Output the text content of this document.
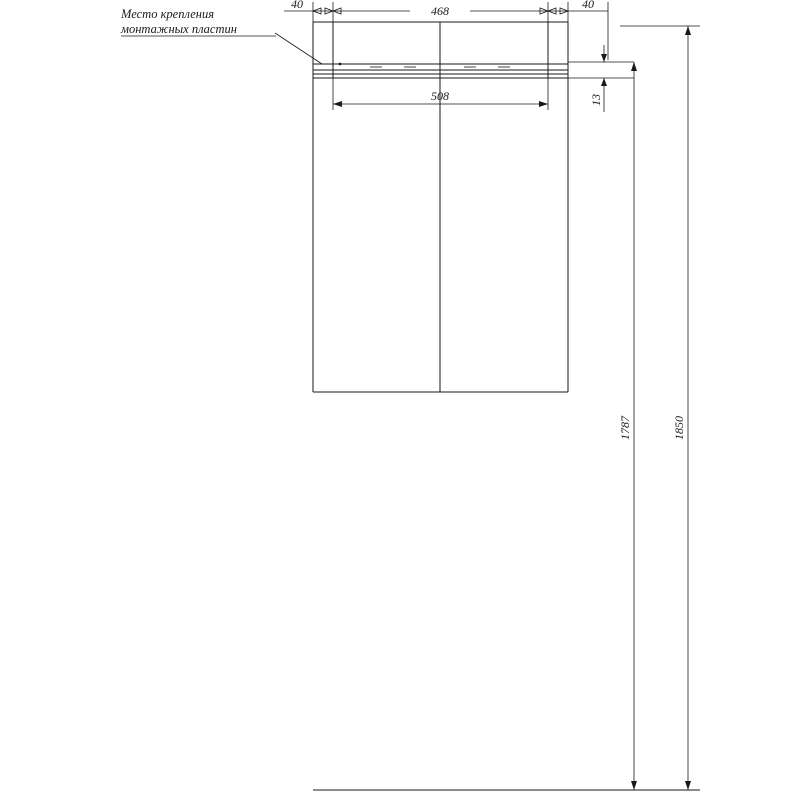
40	468	40
508	13
1787	1850
Место крепления
монтажных пластин
